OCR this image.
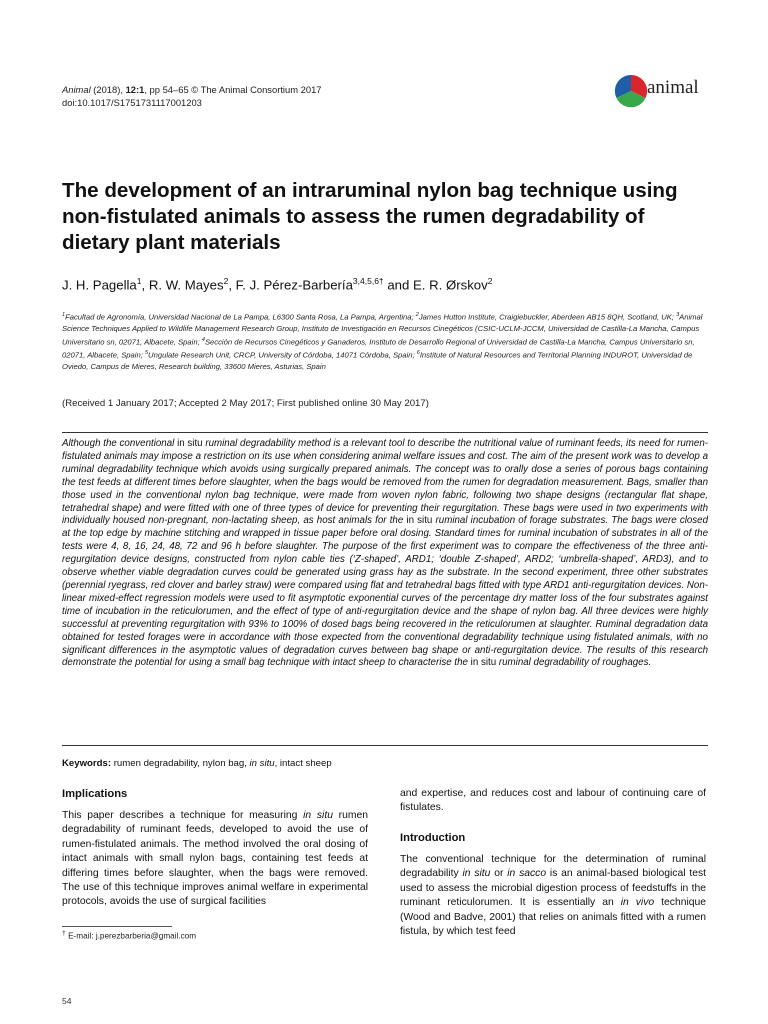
Animal (2018), 12:1, pp 54–65 © The Animal Consortium 2017
doi:10.1017/S1751731117001203
animal
The development of an intraruminal nylon bag technique using non-fistulated animals to assess the rumen degradability of dietary plant materials
J. H. Pagella$^1$, R. W. Mayes$^2$, F. J. Pérez-Barbería$^{3,4,5,6\dagger}$ and E. R. Ørskov$^2$
$^1$Facultad de Agronomía, Universidad Nacional de La Pampa, L6300 Santa Rosa, La Pampa, Argentina; $^2$James Hutton Institute, Craigiebuckler, Aberdeen AB15 8QH, Scotland, UK; $^3$Animal Science Techniques Applied to Wildlife Management Research Group, Instituto de Investigación en Recursos Cinegéticos (CSIC-UCLM-JCCM, Universidad de Castilla-La Mancha, Campus Universitario sn, 02071, Albacete, Spain; $^4$Sección de Recursos Cinegéticos y Ganaderos, Instituto de Desarrollo Regional of Universidad de Castilla-La Mancha, Campus Universitario sn, 02071, Albacete, Spain; $^5$Ungulate Research Unit, CRCP, University of Córdoba, 14071 Córdoba, Spain; $^6$Institute of Natural Resources and Territorial Planning INDUROT, Universidad de Oviedo, Campus de Mieres, Research building, 33600 Mieres, Asturias, Spain
(Received 1 January 2017; Accepted 2 May 2017; First published online 30 May 2017)
Although the conventional in situ ruminal degradability method is a relevant tool to describe the nutritional value of ruminant feeds, its need for rumen-fistulated animals may impose a restriction on its use when considering animal welfare issues and cost. The aim of the present work was to develop a ruminal degradability technique which avoids using surgically prepared animals. The concept was to orally dose a series of porous bags containing the test feeds at different times before slaughter, when the bags would be removed from the rumen for degradation measurement. Bags, smaller than those used in the conventional nylon bag technique, were made from woven nylon fabric, following two shape designs (rectangular flat shape, tetrahedral shape) and were fitted with one of three types of device for preventing their regurgitation. These bags were used in two experiments with individually housed non-pregnant, non-lactating sheep, as host animals for the in situ ruminal incubation of forage substrates. The bags were closed at the top edge by machine stitching and wrapped in tissue paper before oral dosing. Standard times for ruminal incubation of substrates in all of the tests were 4, 8, 16, 24, 48, 72 and 96 h before slaughter. The purpose of the first experiment was to compare the effectiveness of the three anti-regurgitation device designs, constructed from nylon cable ties (‘Z-shaped’, ARD1; ‘double Z-shaped’, ARD2; ‘umbrella-shaped’, ARD3), and to observe whether viable degradation curves could be generated using grass hay as the substrate. In the second experiment, three other substrates (perennial ryegrass, red clover and barley straw) were compared using flat and tetrahedral bags fitted with type ARD1 anti-regurgitation devices. Non-linear mixed-effect regression models were used to fit asymptotic exponential curves of the percentage dry matter loss of the four substrates against time of incubation in the reticulorumen, and the effect of type of anti-regurgitation device and the shape of nylon bag. All three devices were highly successful at preventing regurgitation with 93% to 100% of dosed bags being recovered in the reticulorumen at slaughter. Ruminal degradation data obtained for tested forages were in accordance with those expected from the conventional degradability technique using fistulated animals, with no significant differences in the asymptotic values of degradation curves between bag shape or anti-regurgitation device. The results of this research demonstrate the potential for using a small bag technique with intact sheep to characterise the in situ ruminal degradability of roughages.
Keywords: rumen degradability, nylon bag, in situ, intact sheep
Implications
This paper describes a technique for measuring in situ rumen degradability of ruminant feeds, developed to avoid the use of rumen-fistulated animals. The method involved the oral dosing of intact animals with small nylon bags, containing test feeds at differing times before slaughter, when the bags were removed. The use of this technique improves animal welfare in experimental protocols, avoids the use of surgical facilities
and expertise, and reduces cost and labour of continuing care of fistulates.
Introduction
The conventional technique for the determination of ruminal degradability in situ or in sacco is an animal-based biological test used to assess the microbial digestion process of feedstuffs in the ruminant reticulorumen. It is essentially an in vivo technique (Wood and Badve, 2001) that relies on animals fitted with a rumen fistula, by which test feed
† E-mail: j.perezbarberia@gmail.com
54
